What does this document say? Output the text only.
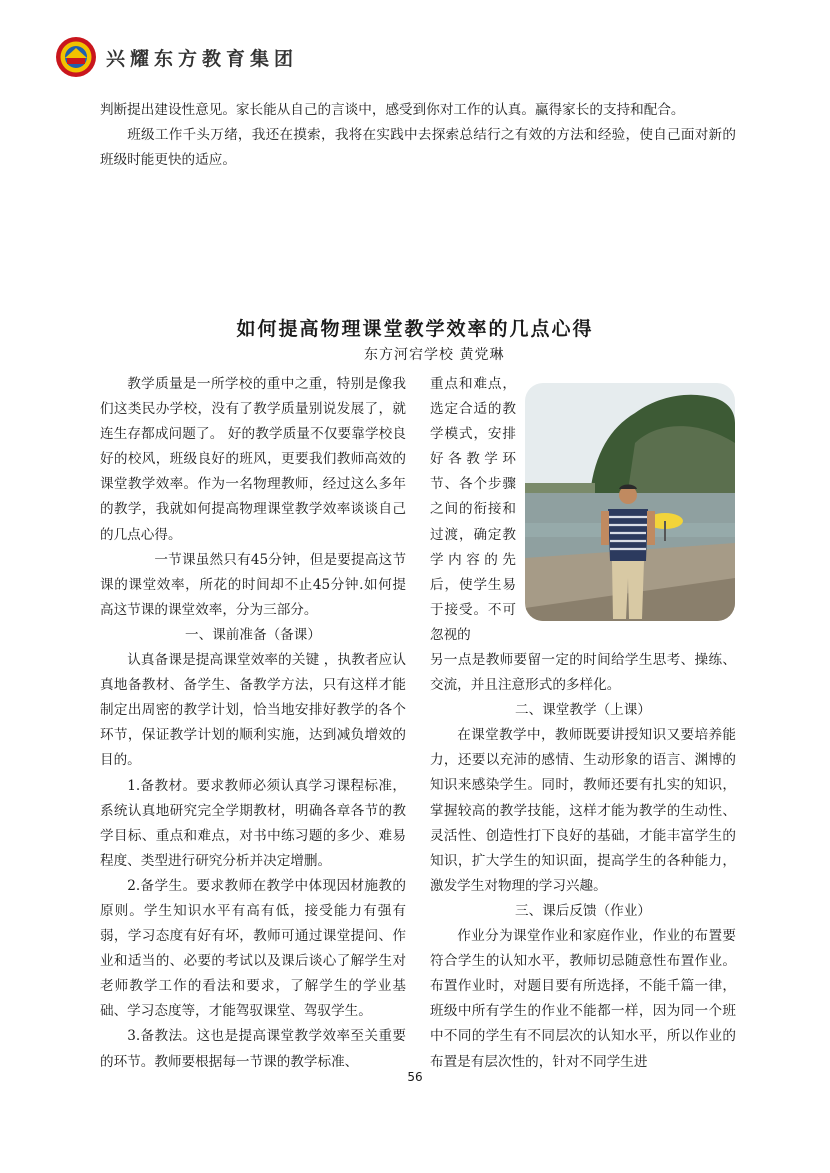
兴耀东方教育集团

判断提出建设性意见。家长能从自己的言谈中，感受到你对工作的认真。赢得家长的支持和配合。

班级工作千头万绪，我还在摸索，我将在实践中去探索总结行之有效的方法和经验，使自己面对新的班级时能更快的适应。

如何提高物理课堂教学效率的几点心得
东方河宕学校 黄党琳

教学质量是一所学校的重中之重，特别是像我们这类民办学校，没有了教学质量别说发展了，就连生存都成问题了。 好的教学质量不仅要靠学校良好的校风，班级良好的班风，更要我们教师高效的课堂教学效率。作为一名物理教师，经过这么多年的教学，我就如何提高物理课堂教学效率谈谈自己的几点心得。

一节课虽然只有45分钟，但是要提高这节课的课堂效率，所花的时间却不止45分钟.如何提高这节课的课堂效率，分为三部分。

一、课前准备（备课）

认真备课是提高课堂效率的关键 ，执教者应认真地备教材、备学生、备教学方法，只有这样才能制定出周密的教学计划，恰当地安排好教学的各个环节，保证教学计划的顺利实施，达到减负增效的目的。

1.备教材。要求教师必须认真学习课程标准，系统认真地研究完全学期教材，明确各章各节的教学目标、重点和难点，对书中练习题的多少、难易程度、类型进行研究分析并决定增删。

2.备学生。要求教师在教学中体现因材施教的原则。学生知识水平有高有低，接受能力有强有弱，学习态度有好有坏，教师可通过课堂提问、作业和适当的、必要的考试以及课后谈心了解学生对老师教学工作的看法和要求，了解学生的学业基础、学习态度等，才能驾驭课堂、驾驭学生。

3.备教法。这也是提高课堂教学效率至关重要的环节。教师要根据每一节课的教学标准、

重点和难点，选定合适的教学模式，安排好各教学环节、各个步骤之间的衔接和过渡，确定教学内容的先后，使学生易于接受。不可忽视的

另一点是教师要留一定的时间给学生思考、操练、交流，并且注意形式的多样化。

二、课堂教学（上课）

在课堂教学中，教师既要讲授知识又要培养能力，还要以充沛的感情、生动形象的语言、渊博的知识来感染学生。同时，教师还要有扎实的知识，掌握较高的教学技能，这样才能为教学的生动性、灵活性、创造性打下良好的基础，才能丰富学生的知识，扩大学生的知识面，提高学生的各种能力，激发学生对物理的学习兴趣。

三、课后反馈（作业）

作业分为课堂作业和家庭作业，作业的布置要符合学生的认知水平，教师切忌随意性布置作业。布置作业时，对题目要有所选择，不能千篇一律，班级中所有学生的作业不能都一样，因为同一个班中不同的学生有不同层次的认知水平，所以作业的布置是有层次性的，针对不同学生进

56
